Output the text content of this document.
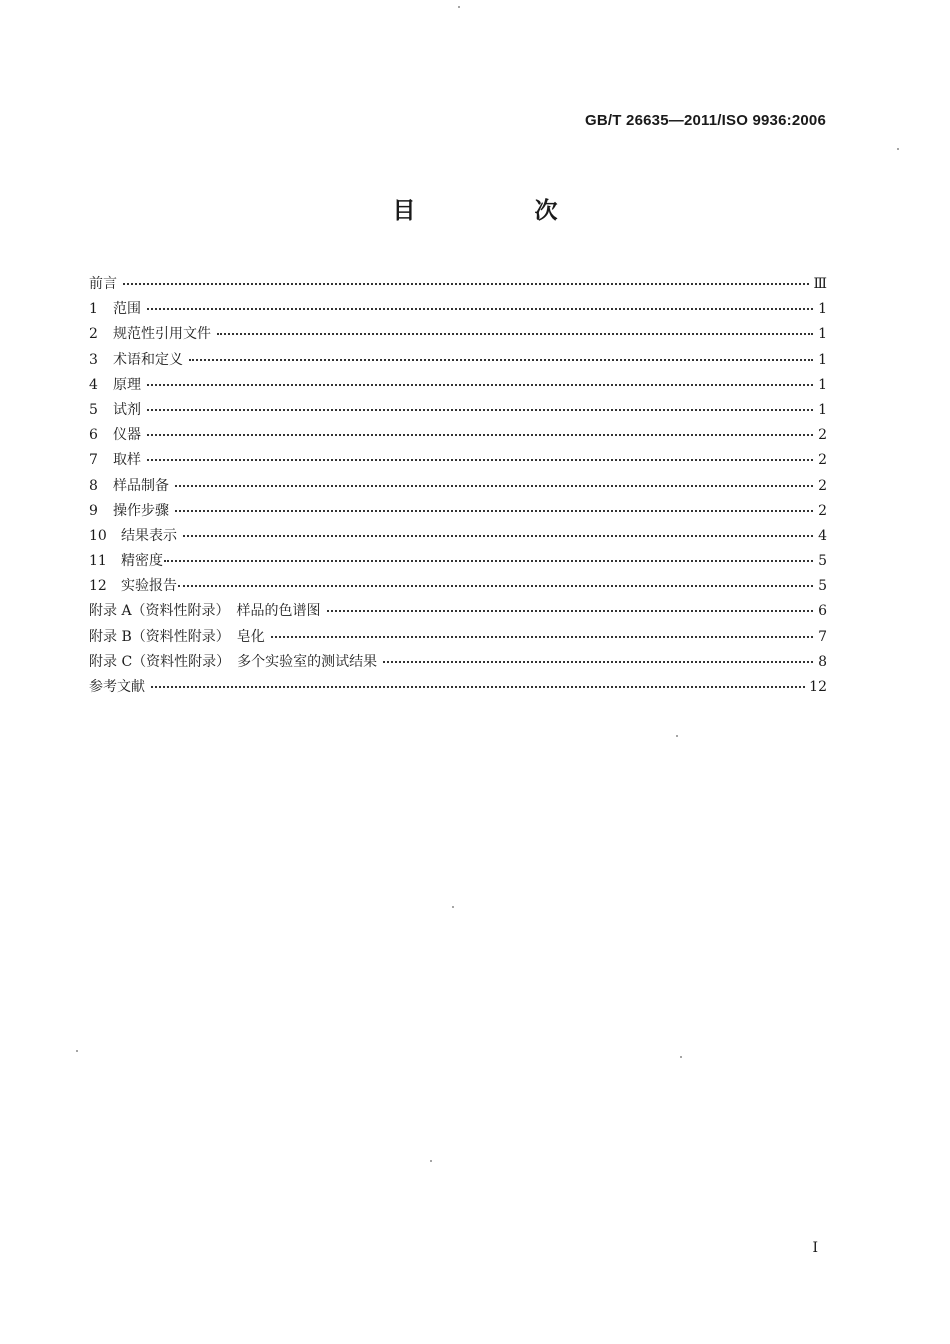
GB/T 26635—2011/ISO 9936:2006
目　次
前言	Ⅲ
1 范围	1
2 规范性引用文件	1
3 术语和定义	1
4 原理	1
5 试剂	1
6 仪器	2
7 取样	2
8 样品制备	2
9 操作步骤	2
10 结果表示	4
11 精密度	5
12 实验报告	5
附录 A（资料性附录）　样品的色谱图	6
附录 B（资料性附录）　皂化	7
附录 C（资料性附录）　多个实验室的测试结果	8
参考文献	12
I
